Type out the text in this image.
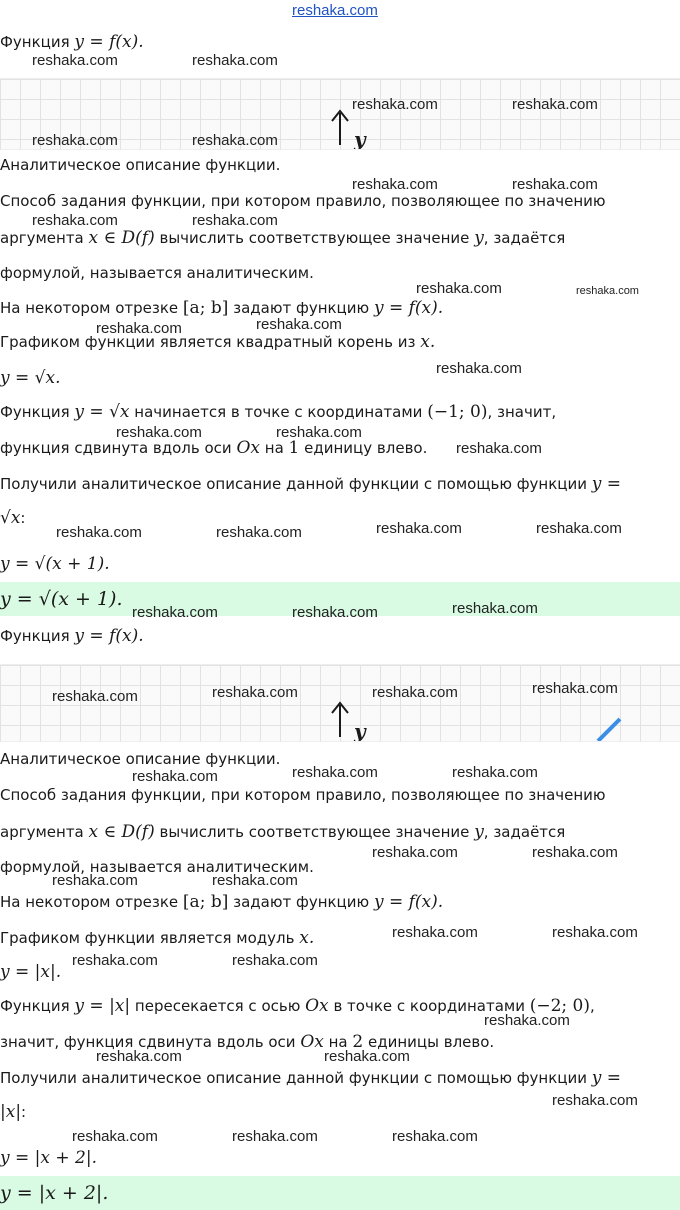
reshaka.com
Функция y = f(x).
y
Аналитическое описание функции.
Способ задания функции, при котором правило, позволяющее по значению
аргумента x ∈ D(f) вычислить соответствующее значение y, задаётся
формулой, называется аналитическим.
На некотором отрезке [a; b] задают функцию y = f(x).
Графиком функции является квадратный корень из x.
y = √x.
Функция y = √x начинается в точке с координатами (−1; 0), значит,
функция сдвинута вдоль оси Ox на 1 единицу влево.
Получили аналитическое описание данной функции с помощью функции y =
√x:
y = √(x + 1).
y = √(x + 1).
Функция y = f(x).
y
Аналитическое описание функции.
Способ задания функции, при котором правило, позволяющее по значению
аргумента x ∈ D(f) вычислить соответствующее значение y, задаётся
формулой, называется аналитическим.
На некотором отрезке [a; b] задают функцию y = f(x).
Графиком функции является модуль x.
y = |x|.
Функция y = |x| пересекается с осью Ox в точке с координатами (−2; 0),
значит, функция сдвинута вдоль оси Ox на 2 единицы влево.
Получили аналитическое описание данной функции с помощью функции y =
|x|:
y = |x + 2|.
y = |x + 2|.
reshaka.com	reshaka.com
reshaka.com	reshaka.com
reshaka.com	reshaka.com
reshaka.com	reshaka.com
reshaka.com	reshaka.com
reshaka.com	reshaka.com
reshaka.com	reshaka.com
reshaka.com
reshaka.com	reshaka.com
reshaka.com
reshaka.com	reshaka.com	reshaka.com	reshaka.com
reshaka.com	reshaka.com	reshaka.com
reshaka.com	reshaka.com	reshaka.com	reshaka.com
reshaka.com	reshaka.com	reshaka.com
reshaka.com	reshaka.com
reshaka.com	reshaka.com
reshaka.com	reshaka.com
reshaka.com	reshaka.com
reshaka.com
reshaka.com	reshaka.com
reshaka.com
reshaka.com	reshaka.com	reshaka.com
